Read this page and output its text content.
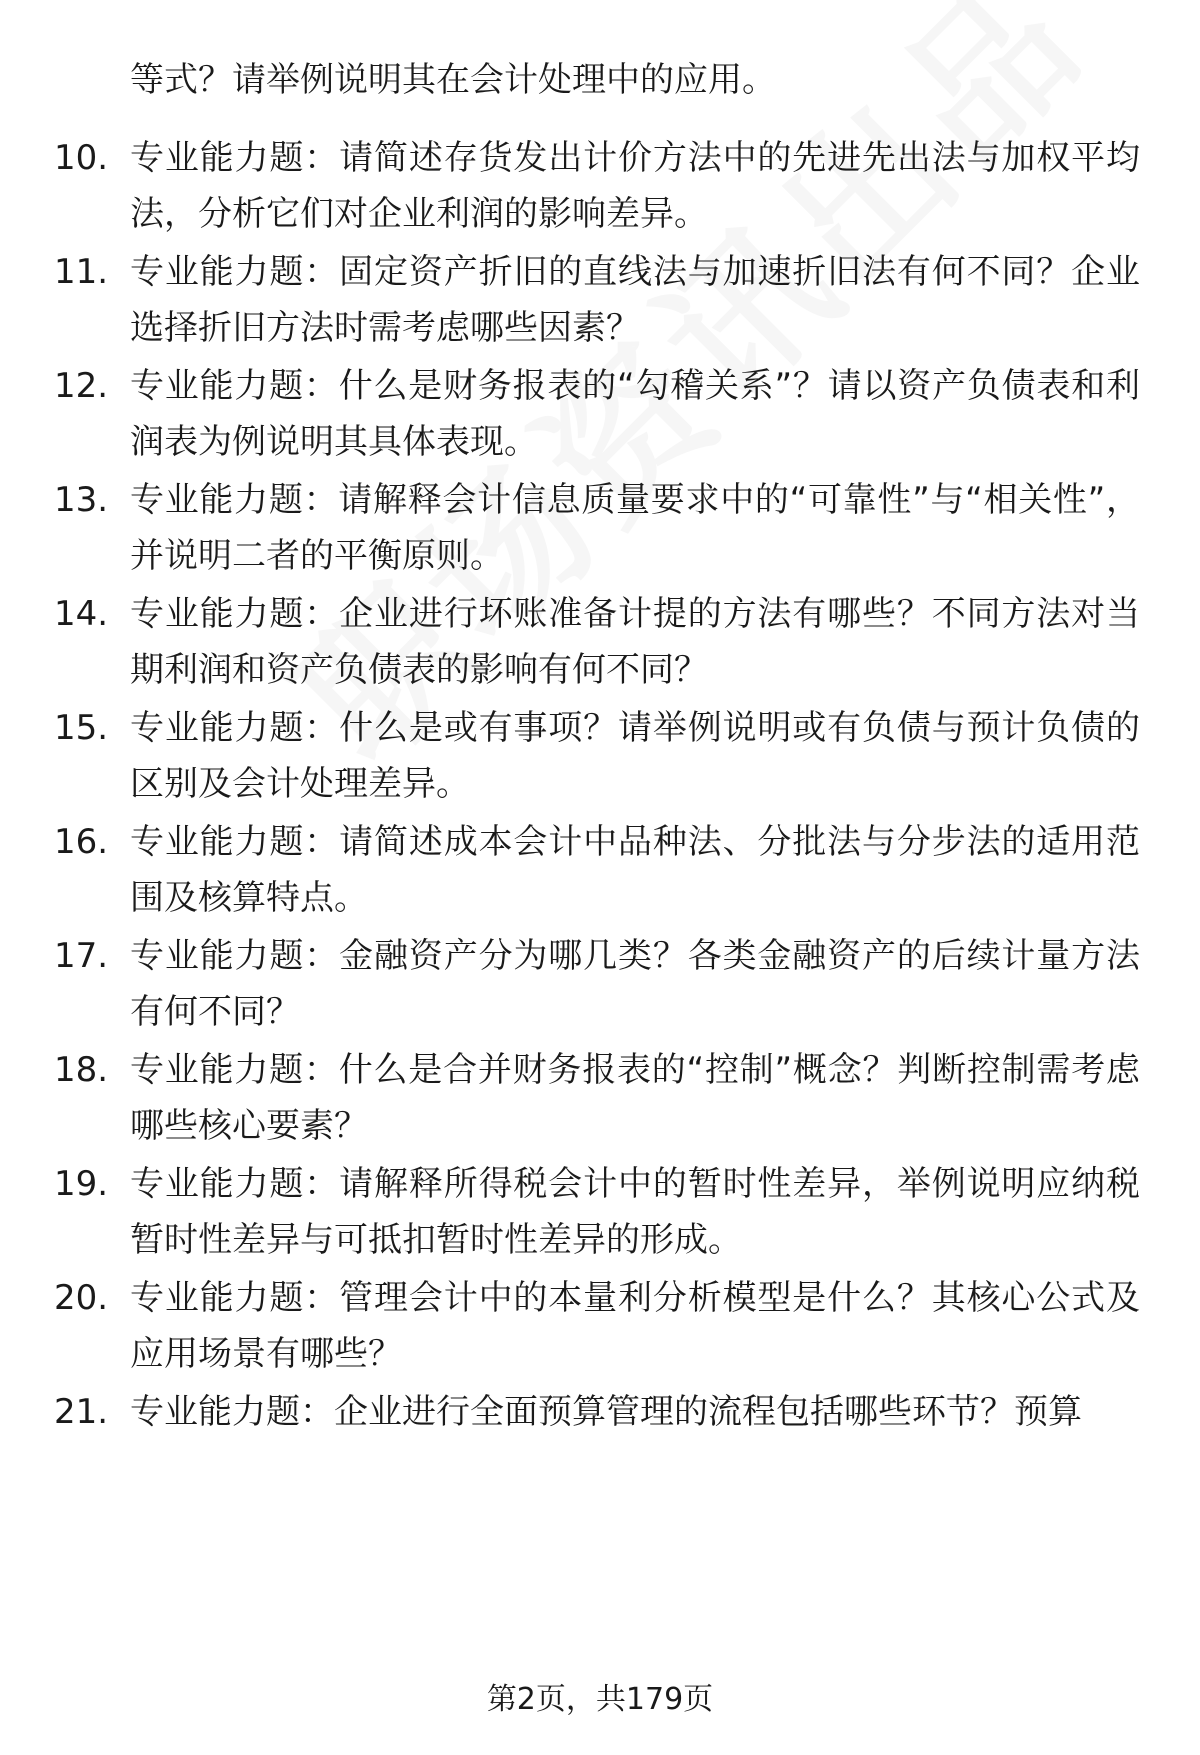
等式？请举例说明其在会计处理中的应用。
10. 专业能力题：请简述存货发出计价方法中的先进先出法与加权平均法，分析它们对企业利润的影响差异。
11. 专业能力题：固定资产折旧的直线法与加速折旧法有何不同？企业选择折旧方法时需考虑哪些因素？
12. 专业能力题：什么是财务报表的“勾稽关系”？请以资产负债表和利润表为例说明其具体表现。
13. 专业能力题：请解释会计信息质量要求中的“可靠性”与“相关性”，并说明二者的平衡原则。
14. 专业能力题：企业进行坏账准备计提的方法有哪些？不同方法对当期利润和资产负债表的影响有何不同？
15. 专业能力题：什么是或有事项？请举例说明或有负债与预计负债的区别及会计处理差异。
16. 专业能力题：请简述成本会计中品种法、分批法与分步法的适用范围及核算特点。
17. 专业能力题：金融资产分为哪几类？各类金融资产的后续计量方法有何不同？
18. 专业能力题：什么是合并财务报表的“控制”概念？判断控制需考虑哪些核心要素？
19. 专业能力题：请解释所得税会计中的暂时性差异，举例说明应纳税暂时性差异与可抵扣暂时性差异的形成。
20. 专业能力题：管理会计中的本量利分析模型是什么？其核心公式及应用场景有哪些？
21. 专业能力题：企业进行全面预算管理的流程包括哪些环节？预算
第2页，共179页
